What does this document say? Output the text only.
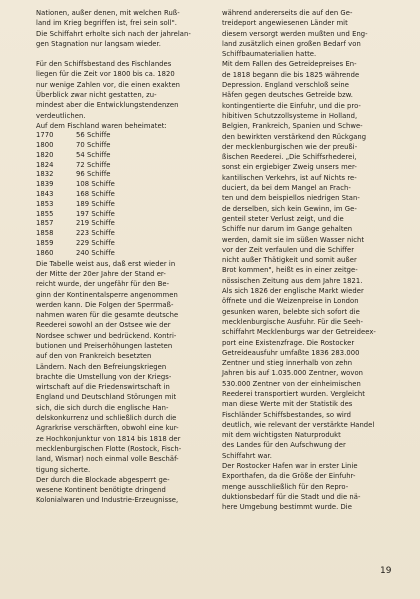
Nationen, außer denen, mit welchen Ruß-
land im Krieg begriffen ist, frei sein soll".
Die Schiffahrt erholte sich nach der jahrelan-
gen Stagnation nur langsam wieder.

Für den Schiffsbestand des Fischlandes
liegen für die Zeit vor 1800 bis ca. 1820
nur wenige Zahlen vor, die einen exakten
Überblick zwar nicht gestatten, zu-
mindest aber die Entwicklungstendenzen
verdeutlichen.
Auf dem Fischland waren beheimatet:

1770	56 Schiffe
1800	70 Schiffe
1820	54 Schiffe
1824	72 Schiffe
1832	96 Schiffe
1839	108 Schiffe
1843	168 Schiffe
1853	189 Schiffe
1855	197 Schiffe
1857	219 Schiffe
1858	223 Schiffe
1859	229 Schiffe
1860	240 Schiffe

Die Tabelle weist aus, daß erst wieder in
der Mitte der 20er Jahre der Stand er-
reicht wurde, der ungefähr für den Be-
ginn der Kontinentalsperre angenommen
werden kann. Die Folgen der Sperrmaß-
nahmen waren für die gesamte deutsche
Reederei sowohl an der Ostsee wie der
Nordsee schwer und bedrückend. Kontri-
butionen und Preiserhöhungen lasteten
auf den von Frankreich besetzten
Ländern. Nach den Befreiungskriegen
brachte die Umstellung von der Kriegs-
wirtschaft auf die Friedenswirtschaft in
England und Deutschland Störungen mit
sich, die sich durch die englische Han-
delskonkurrenz und schließlich durch die
Agrarkrise verschärften, obwohl eine kur-
ze Hochkonjunktur von 1814 bis 1818 der
mecklenburgischen Flotte (Rostock, Fisch-
land, Wismar) noch einmal volle Beschäf-
tigung sicherte.
Der durch die Blockade abgesperrt ge-
wesene Kontinent benötigte dringend
Kolonialwaren und Industrie-Erzeugnisse,

während andererseits die auf den Ge-
treideport angewiesenen Länder mit
diesem versorgt werden mußten und Eng-
land zusätzlich einen großen Bedarf von
Schiffbaumaterialien hatte.
Mit dem Fallen des Getreidepreises En-
de 1818 begann die bis 1825 währende
Depression. England verschloß seine
Häfen gegen deutsches Getreide bzw.
kontingentierte die Einfuhr, und die pro-
hibitiven Schutzzollsysteme in Holland,
Belgien, Frankreich, Spanien und Schwe-
den bewirkten verstärkend den Rückgang
der mecklenburgischen wie der preußi-
ßischen Reederei. „Die Schiffsrhederei,
sonst ein ergiebiger Zweig unsers mer-
kantilischen Verkehrs, ist auf Nichts re-
duciert, da bei dem Mangel an Frach-
ten und dem beispiellos niedrigen Stan-
de derselben, sich kein Gewinn, im Ge-
genteil steter Verlust zeigt, und die
Schiffe nur darum im Gange gehalten
werden, damit sie im süßen Wasser nicht
vor der Zeit verfaulen und die Schiffer
nicht außer Thätigkeit und somit außer
Brot kommen", heißt es in einer zeitge-
nössischen Zeitung aus dem Jahre 1821.
Als sich 1826 der englische Markt wieder
öffnete und die Weizenpreise in London
gesunken waren, belebte sich sofort die
mecklenburgische Ausfuhr. Für die Seeh-
schiffahrt Mecklenburgs war der Getreideex-
port eine Existenzfrage. Die Rostocker
Getreideausfuhr umfaßte 1836 283.000
Zentner und stieg innerhalb von zehn
Jahren bis auf 1.035.000 Zentner, wovon
530.000 Zentner von der einheimischen
Reederei transportiert wurden. Vergleicht
man diese Werte mit der Statistik des
Fischländer Schiffsbestandes, so wird
deutlich, wie relevant der verstärkte Handel
mit dem wichtigsten Naturprodukt
des Landes für den Aufschwung der
Schiffahrt war.
Der Rostocker Hafen war in erster Linie
Exporthafen, da die Größe der Einfuhr-
menge ausschließlich für den Repro-
duktionsbedarf für die Stadt und die nä-
here Umgebung bestimmt wurde. Die

19
